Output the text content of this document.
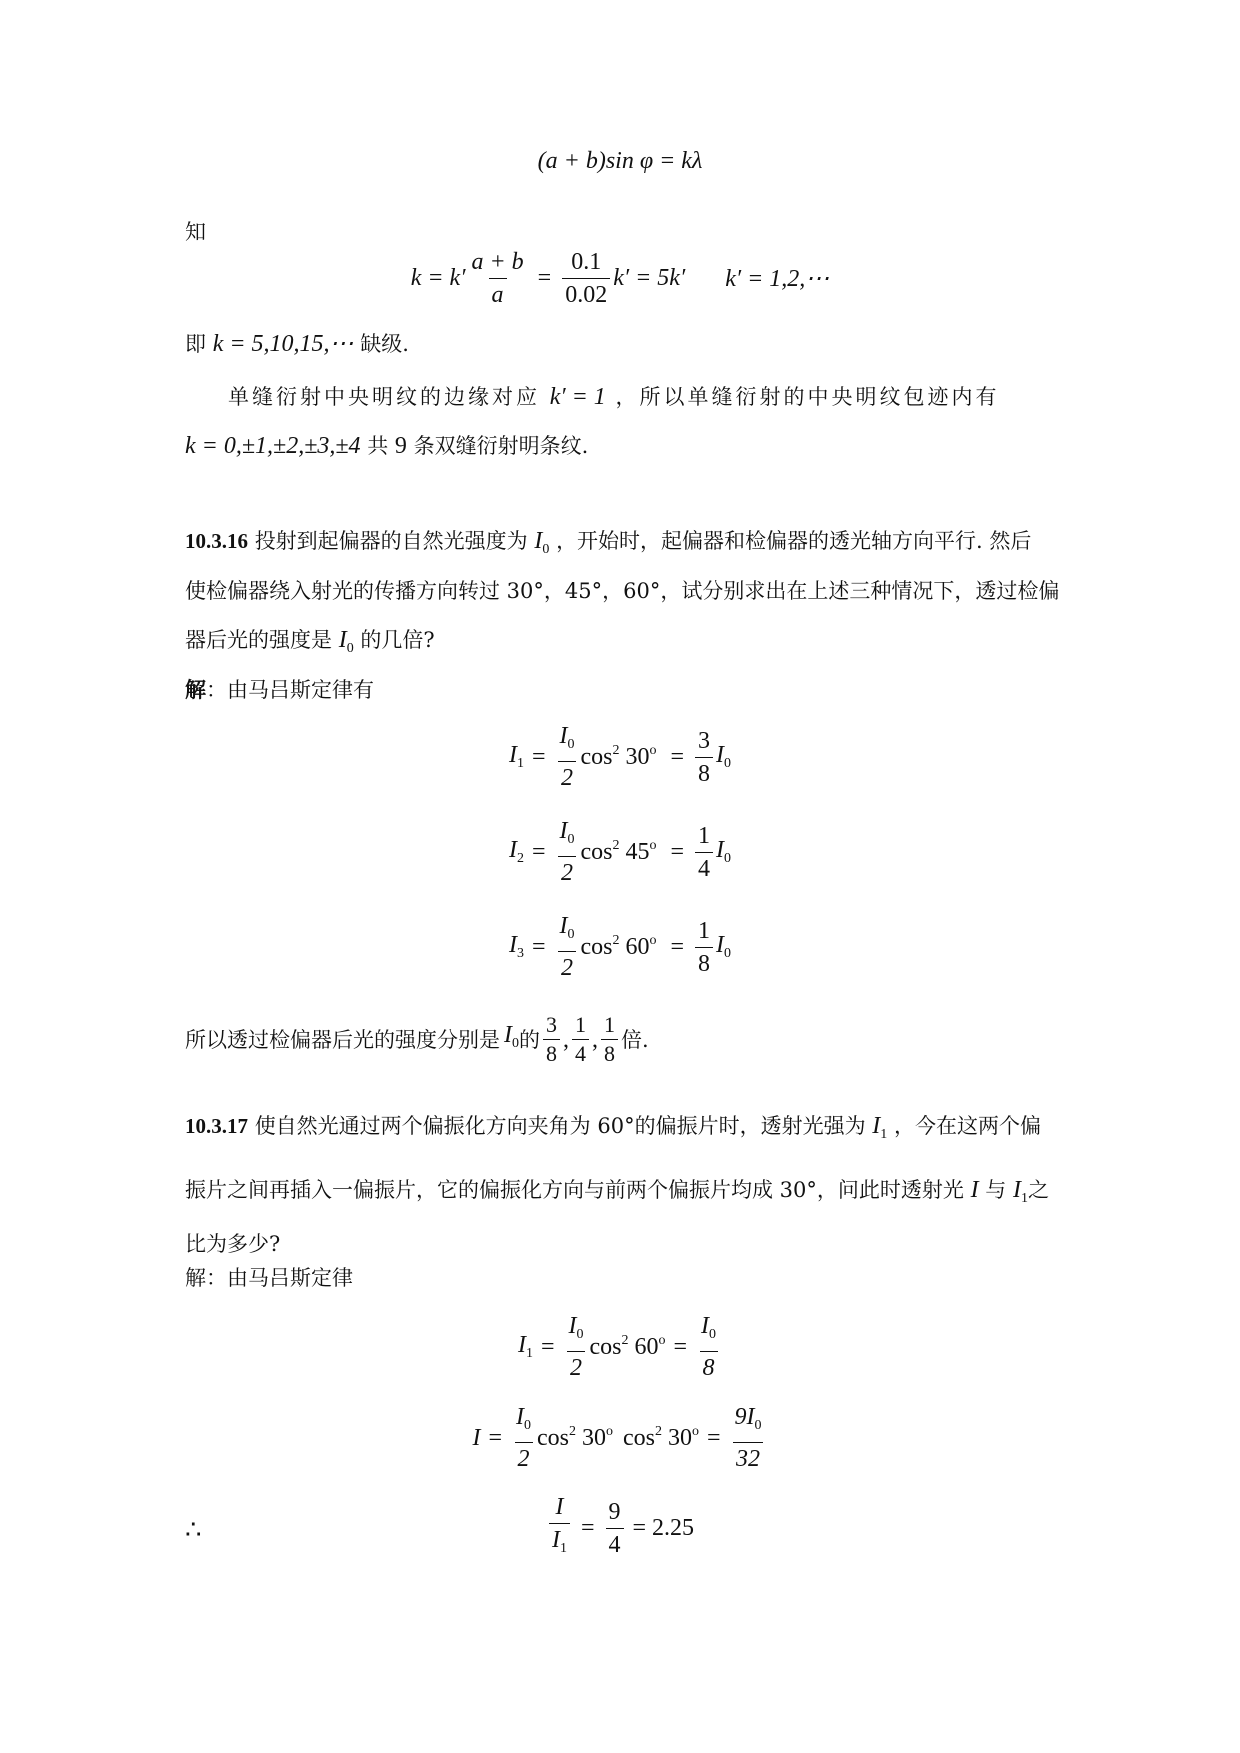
(a + b)sin φ = kλ
知
$k = k' \frac{a + b}{a} = \frac{0.1}{0.02} k' = 5k'$ k′ = 1,2,⋯
即 k = 5,10,15,⋯ 缺级.
单缝衍射中央明纹的边缘对应 k′ = 1 ，所以单缝衍射的中央明纹包迹内有
k = 0,±1,±2,±3,±4 共 9 条双缝衍射明条纹.
10.3.16 投射到起偏器的自然光强度为 $I_0$ ，开始时，起偏器和检偏器的透光轴方向平行. 然后
使检偏器绕入射光的传播方向转过 30°，45°，60°，试分别求出在上述三种情况下，透过检偏
器后光的强度是 $I_0$ 的几倍?
解：由马吕斯定律有
$I_1 = \frac{I_0}{2} \cos^2 30^o = \frac{3}{8} I_0$
$I_2 = \frac{I_0}{2} \cos^2 45^o = \frac{1}{4} I_0$
$I_3 = \frac{I_0}{2} \cos^2 60^o = \frac{1}{8} I_0$
所以透过检偏器后光的强度分别是 $I_0$ 的 $\frac{3}{8}$ , $\frac{1}{4}$ , $\frac{1}{8}$ 倍.
10.3.17 使自然光通过两个偏振化方向夹角为 60°的偏振片时，透射光强为 $I_1$ ，今在这两个偏
振片之间再插入一偏振片，它的偏振化方向与前两个偏振片均成 30°，问此时透射光 I 与 $I_1$之
比为多少?
解：由马吕斯定律
$I_1 = \frac{I_0}{2} \cos^2 60^o = \frac{I_0}{8}$
$I = \frac{I_0}{2} \cos^2 30^o$ $\cos^2 30^o = \frac{9I_0}{32}$
∴	$\frac{I}{I_1} = \frac{9}{4} = 2.25$
